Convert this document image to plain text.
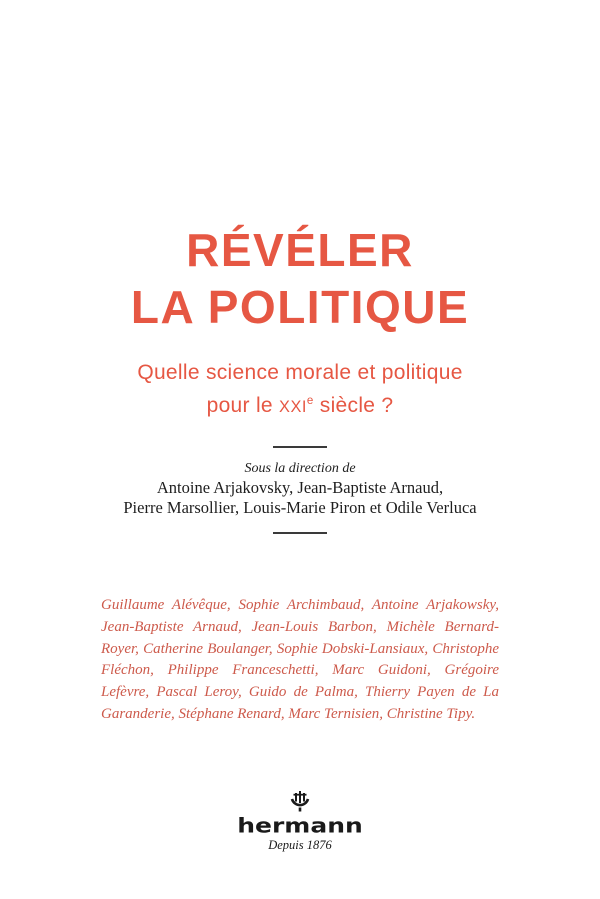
RÉVÉLER
LA POLITIQUE
Quelle science morale et politique
pour le XXIe siècle ?
Sous la direction de
Antoine Arjakovsky, Jean-Baptiste Arnaud,
Pierre Marsollier, Louis-Marie Piron et Odile Verluca

Guillaume Alévêque, Sophie Archimbaud, Antoine Arjakowsky, Jean-Baptiste Arnaud, Jean-Louis Barbon, Michèle Bernard-Royer, Catherine Boulanger, Sophie Dobski-Lansiaux, Christophe Fléchon, Philippe Franceschetti, Marc Guidoni, Grégoire Lefèvre, Pascal Leroy, Guido de Palma, Thierry Payen de La Garanderie, Stéphane Renard, Marc Ternisien, Christine Tipy.

hermann
Depuis 1876
